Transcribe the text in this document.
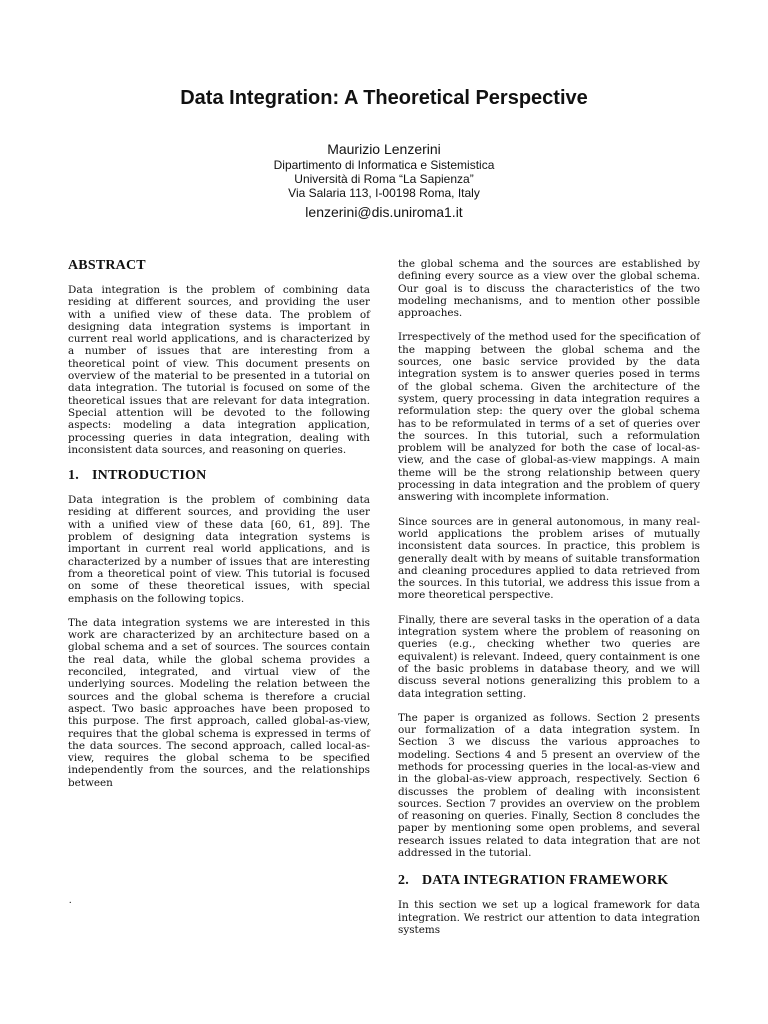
Data Integration: A Theoretical Perspective
Maurizio Lenzerini
Dipartimento di Informatica e Sistemistica
Università di Roma “La Sapienza”
Via Salaria 113, I-00198 Roma, Italy
lenzerini@dis.uniroma1.it
ABSTRACT

Data integration is the problem of combining data residing at different sources, and providing the user with a unified view of these data. The problem of designing data integration systems is important in current real world applications, and is characterized by a number of issues that are interesting from a theoretical point of view. This document presents on overview of the material to be presented in a tutorial on data integration. The tutorial is focused on some of the theoretical issues that are relevant for data integration. Special attention will be devoted to the following aspects: modeling a data integration application, processing queries in data integration, dealing with inconsistent data sources, and reasoning on queries.

1. INTRODUCTION

Data integration is the problem of combining data residing at different sources, and providing the user with a unified view of these data [60, 61, 89]. The problem of designing data integration systems is important in current real world applications, and is characterized by a number of issues that are interesting from a theoretical point of view. This tutorial is focused on some of these theoretical issues, with special emphasis on the following topics.

The data integration systems we are interested in this work are characterized by an architecture based on a global schema and a set of sources. The sources contain the real data, while the global schema provides a reconciled, integrated, and virtual view of the underlying sources. Modeling the relation between the sources and the global schema is therefore a crucial aspect. Two basic approaches have been proposed to this purpose. The first approach, called global-as-view, requires that the global schema is expressed in terms of the data sources. The second approach, called local-as-view, requires the global schema to be specified independently from the sources, and the relationships between

the global schema and the sources are established by defining every source as a view over the global schema. Our goal is to discuss the characteristics of the two modeling mechanisms, and to mention other possible approaches.

Irrespectively of the method used for the specification of the mapping between the global schema and the sources, one basic service provided by the data integration system is to answer queries posed in terms of the global schema. Given the architecture of the system, query processing in data integration requires a reformulation step: the query over the global schema has to be reformulated in terms of a set of queries over the sources. In this tutorial, such a reformulation problem will be analyzed for both the case of local-as-view, and the case of global-as-view mappings. A main theme will be the strong relationship between query processing in data integration and the problem of query answering with incomplete information.

Since sources are in general autonomous, in many real-world applications the problem arises of mutually inconsistent data sources. In practice, this problem is generally dealt with by means of suitable transformation and cleaning procedures applied to data retrieved from the sources. In this tutorial, we address this issue from a more theoretical perspective.

Finally, there are several tasks in the operation of a data integration system where the problem of reasoning on queries (e.g., checking whether two queries are equivalent) is relevant. Indeed, query containment is one of the basic problems in database theory, and we will discuss several notions generalizing this problem to a data integration setting.

The paper is organized as follows. Section 2 presents our formalization of a data integration system. In Section 3 we discuss the various approaches to modeling. Sections 4 and 5 present an overview of the methods for processing queries in the local-as-view and in the global-as-view approach, respectively. Section 6 discusses the problem of dealing with inconsistent sources. Section 7 provides an overview on the problem of reasoning on queries. Finally, Section 8 concludes the paper by mentioning some open problems, and several research issues related to data integration that are not addressed in the tutorial.

2. DATA INTEGRATION FRAMEWORK

In this section we set up a logical framework for data integration. We restrict our attention to data integration systems

.
